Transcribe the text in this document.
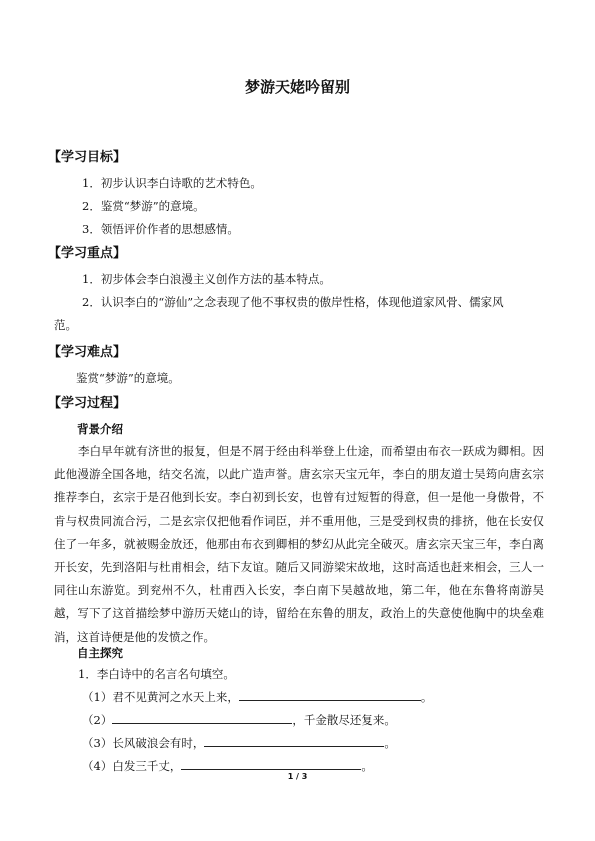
梦游天姥吟留别
【学习目标】
1．初步认识李白诗歌的艺术特色。
2．鉴赏“梦游”的意境。
3．领悟评价作者的思想感情。
【学习重点】
1．初步体会李白浪漫主义创作方法的基本特点。
2．认识李白的“游仙”之念表现了他不事权贵的傲岸性格，体现他道家风骨、儒家风
范。
【学习难点】
鉴赏“梦游”的意境。
【学习过程】
背景介绍
李白早年就有济世的报复，但是不屑于经由科举登上仕途，而希望由布衣一跃成为卿相。因此他漫游全国各地，结交名流，以此广造声誉。唐玄宗天宝元年，李白的朋友道士吴筠向唐玄宗推荐李白，玄宗于是召他到长安。李白初到长安，也曾有过短暂的得意，但一是他一身傲骨，不肯与权贵同流合污，二是玄宗仅把他看作词臣，并不重用他，三是受到权贵的排挤，他在长安仅住了一年多，就被赐金放还，他那由布衣到卿相的梦幻从此完全破灭。唐玄宗天宝三年，李白离开长安，先到洛阳与杜甫相会，结下友谊。随后又同游梁宋故地，这时高适也赶来相会，三人一同往山东游览。到兖州不久，杜甫西入长安，李白南下吴越故地，第二年，他在东鲁将南游吴越，写下了这首描绘梦中游历天姥山的诗，留给在东鲁的朋友，政治上的失意使他胸中的块垒难消，这首诗便是他的发愤之作。
自主探究
1．李白诗中的名言名句填空。
（1）君不见黄河之水天上来，	。
（2）	，千金散尽还复来。
（3）长风破浪会有时，	。
（4）白发三千丈，	。
1 / 3
